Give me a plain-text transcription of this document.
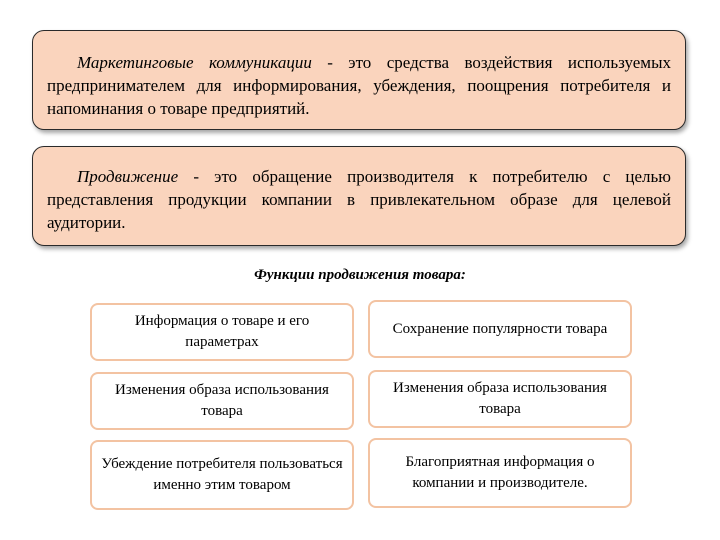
Маркетинговые коммуникации - это средства воздействия используемых предпринимателем для информирования, убеждения, поощрения потребителя и напоминания о товаре предприятий.

Продвижение - это обращение производителя к потребителю с целью представления продукции компании в привлекательном образе для целевой аудитории.

Функции продвижения товара:
Информация о товаре и его параметрах
Сохранение популярности товара
Изменения образа использования товара
Изменения образа использования товара
Убеждение потребителя пользоваться именно этим товаром
Благоприятная информация о компании и производителе.
